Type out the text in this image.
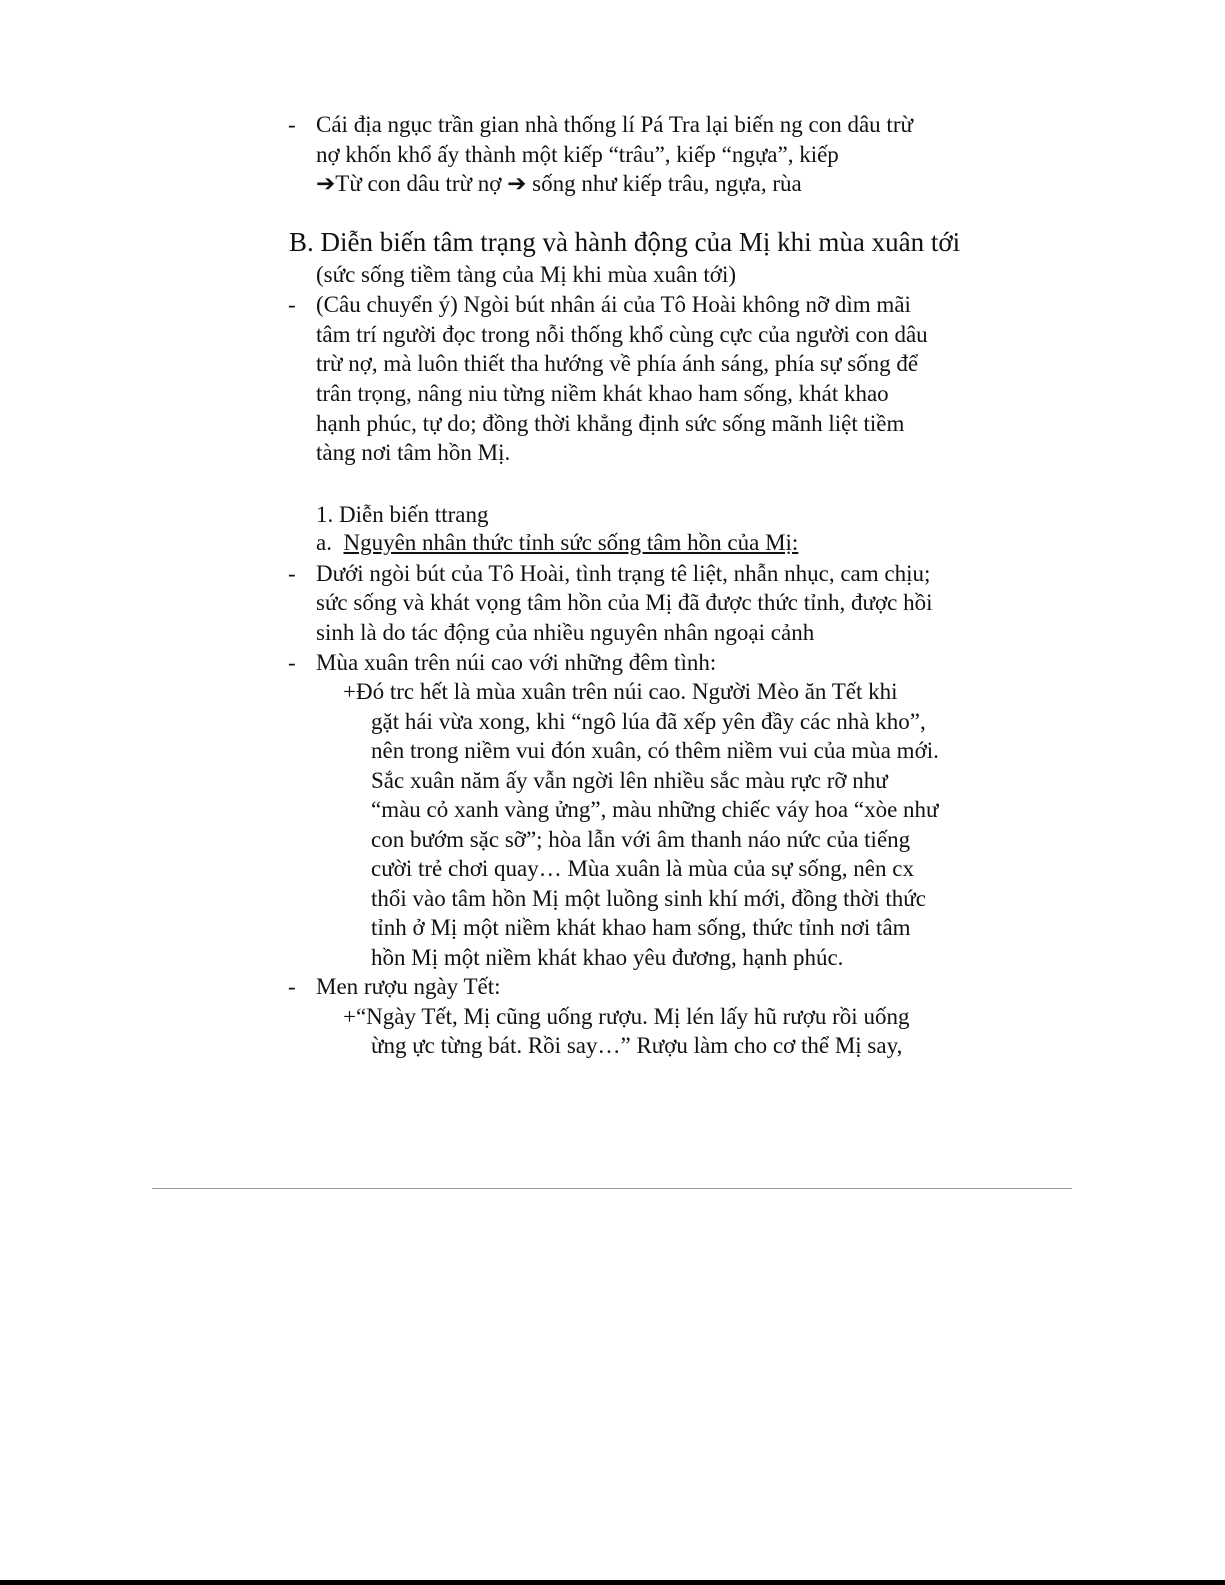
- Cái địa ngục trần gian nhà thống lí Pá Tra lại biến ng con dâu trừ
nợ khốn khổ ấy thành một kiếp “trâu”, kiếp “ngựa”, kiếp
➔Từ con dâu trừ nợ ➔ sống như kiếp trâu, ngựa, rùa
B. Diễn biến tâm trạng và hành động của Mị khi mùa xuân tới
(sức sống tiềm tàng của Mị khi mùa xuân tới)
- (Câu chuyển ý) Ngòi bút nhân ái của Tô Hoài không nỡ dìm mãi
tâm trí người đọc trong nỗi thống khổ cùng cực của người con dâu
trừ nợ, mà luôn thiết tha hướng về phía ánh sáng, phía sự sống để
trân trọng, nâng niu từng niềm khát khao ham sống, khát khao
hạnh phúc, tự do; đồng thời khẳng định sức sống mãnh liệt tiềm
tàng nơi tâm hồn Mị.
1. Diễn biến ttrang
a.  Nguyên nhân thức tỉnh sức sống tâm hồn của Mị:
- Dưới ngòi bút của Tô Hoài, tình trạng tê liệt, nhẫn nhục, cam chịu;
sức sống và khát vọng tâm hồn của Mị đã được thức tỉnh, được hồi
sinh là do tác động của nhiều nguyên nhân ngoại cảnh
- Mùa xuân trên núi cao với những đêm tình:
+Đó trc hết là mùa xuân trên núi cao. Người Mèo ăn Tết khi
gặt hái vừa xong, khi “ngô lúa đã xếp yên đầy các nhà kho”,
nên trong niềm vui đón xuân, có thêm niềm vui của mùa mới.
Sắc xuân năm ấy vẫn ngời lên nhiều sắc màu rực rỡ như
“màu cỏ xanh vàng ửng”, màu những chiếc váy hoa “xòe như
con bướm sặc sỡ”; hòa lẫn với âm thanh náo nức của tiếng
cười trẻ chơi quay… Mùa xuân là mùa của sự sống, nên cx
thổi vào tâm hồn Mị một luồng sinh khí mới, đồng thời thức
tỉnh ở Mị một niềm khát khao ham sống, thức tỉnh nơi tâm
hồn Mị một niềm khát khao yêu đương, hạnh phúc.
- Men rượu ngày Tết:
+“Ngày Tết, Mị cũng uống rượu. Mị lén lấy hũ rượu rồi uống
ừng ực từng bát. Rồi say…” Rượu làm cho cơ thể Mị say,
